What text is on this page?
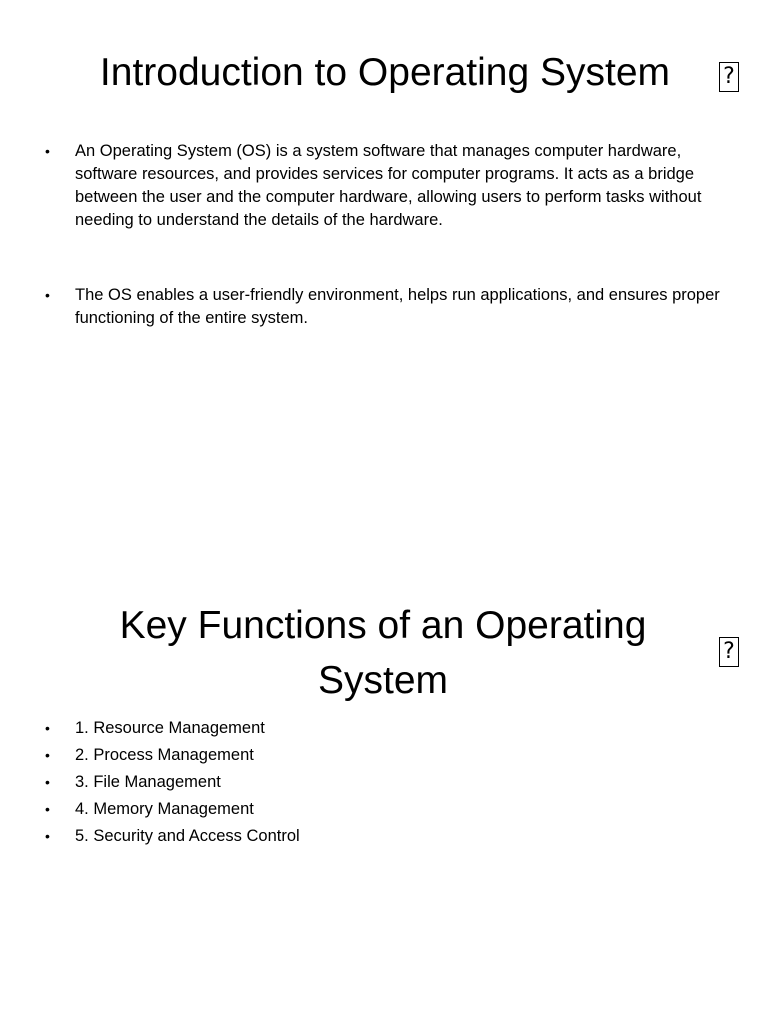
Introduction to Operating System	?
• An Operating System (OS) is a system software that manages computer hardware, software resources, and provides services for computer programs. It acts as a bridge between the user and the computer hardware, allowing users to perform tasks without needing to understand the details of the hardware.
• The OS enables a user-friendly environment, helps run applications, and ensures proper functioning of the entire system.
Key Functions of an Operating System
?
• 1. Resource Management
• 2. Process Management
• 3. File Management
• 4. Memory Management
• 5. Security and Access Control
